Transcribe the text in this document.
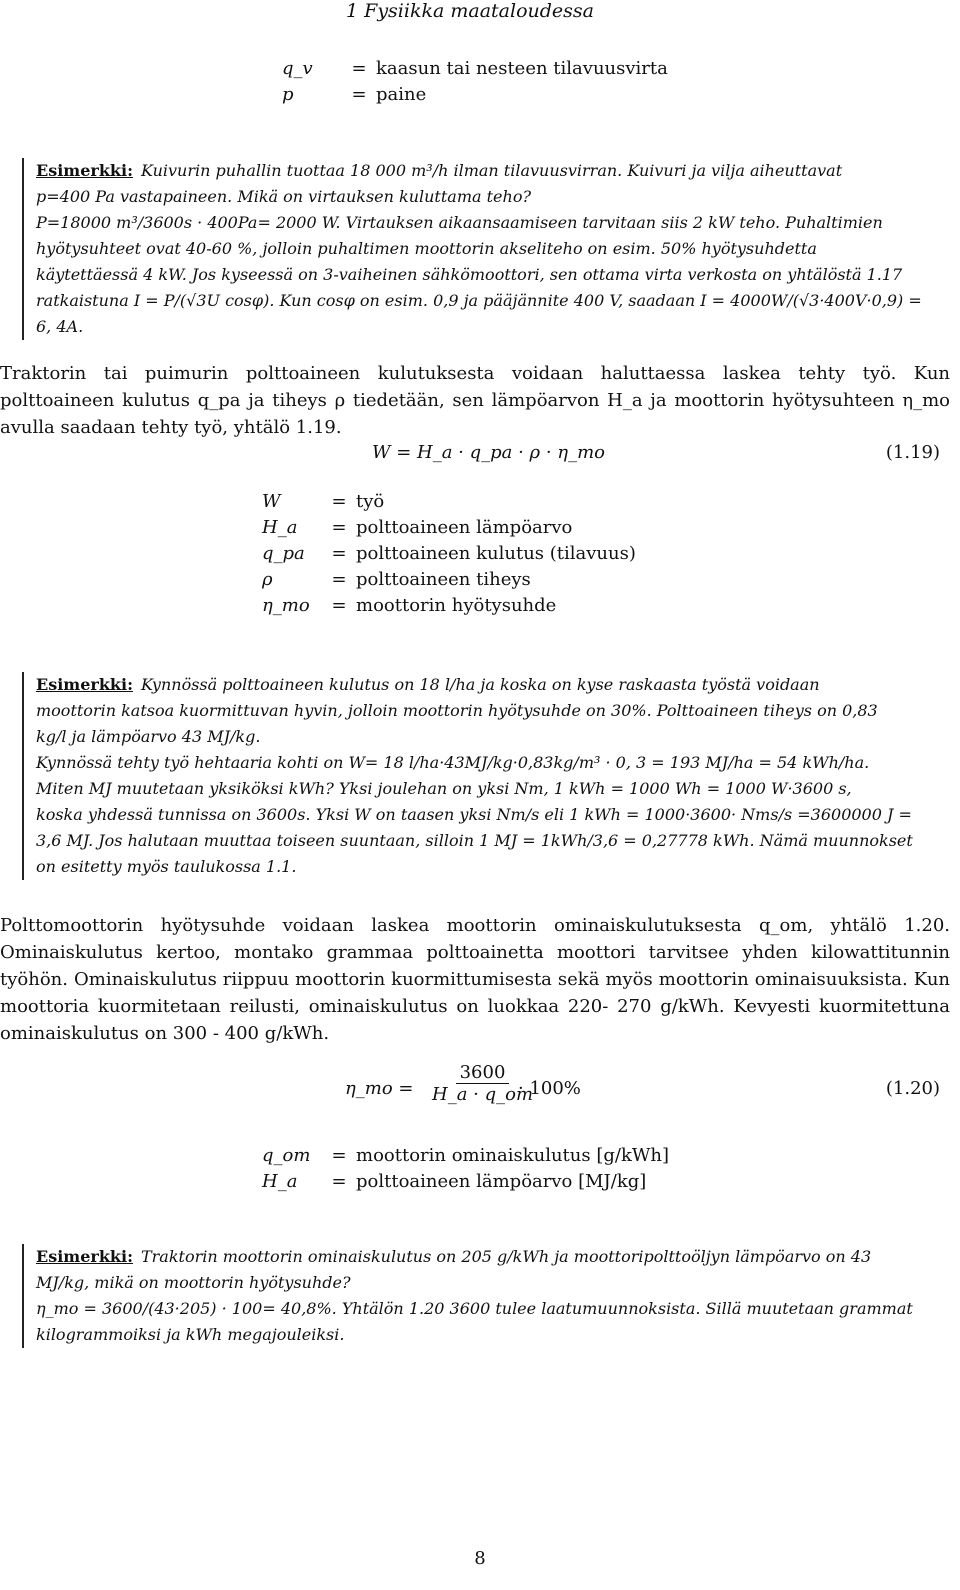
1 Fysiikka maataloudessa
q_v	= kaasun tai nesteen tilavuusvirta
p	= paine
Esimerkki: Kuivurin puhallin tuottaa 18 000 m³/h ilman tilavuusvirran. Kuivuri ja vilja aiheuttavat
p=400 Pa vastapaineen. Mikä on virtauksen kuluttama teho?
P=18000 m³/3600s · 400Pa= 2000 W. Virtauksen aikaansaamiseen tarvitaan siis 2 kW teho. Puhaltimien
hyötysuhteet ovat 40-60 %, jolloin puhaltimen moottorin akseliteho on esim. 50% hyötysuhdetta
käytettäessä 4 kW. Jos kyseessä on 3-vaiheinen sähkömoottori, sen ottama virta verkosta on yhtälöstä 1.17
ratkaistuna I = P/(√3U cosφ). Kun cosφ on esim. 0,9 ja pääjännite 400 V, saadaan I = 4000W/(√3·400V·0,9) = 6, 4A.
Traktorin tai puimurin polttoaineen kulutuksesta voidaan haluttaessa laskea tehty työ. Kun polttoaineen kulutus q_pa ja tiheys ρ tiedetään, sen lämpöarvon H_a ja moottorin hyötysuhteen η_mo avulla saadaan tehty työ, yhtälö 1.19.
W = H_a · q_pa · ρ · η_mo	(1.19)
W	= työ
H_a	= polttoaineen lämpöarvo
q_pa	= polttoaineen kulutus (tilavuus)
ρ	= polttoaineen tiheys
η_mo	= moottorin hyötysuhde
Esimerkki: Kynnössä polttoaineen kulutus on 18 l/ha ja koska on kyse raskaasta työstä voidaan
moottorin katsoa kuormittuvan hyvin, jolloin moottorin hyötysuhde on 30%. Polttoaineen tiheys on 0,83
kg/l ja lämpöarvo 43 MJ/kg.
Kynnössä tehty työ hehtaaria kohti on W= 18 l/ha·43MJ/kg·0,83kg/m³ · 0, 3 = 193 MJ/ha = 54 kWh/ha.
Miten MJ muutetaan yksiköksi kWh? Yksi joulehan on yksi Nm, 1 kWh = 1000 Wh = 1000 W·3600 s,
koska yhdessä tunnissa on 3600s. Yksi W on taasen yksi Nm/s eli 1 kWh = 1000·3600· Nms/s =3600000 J =
3,6 MJ. Jos halutaan muuttaa toiseen suuntaan, silloin 1 MJ = 1kWh/3,6 = 0,27778 kWh. Nämä muunnokset
on esitetty myös taulukossa 1.1.
Polttomoottorin hyötysuhde voidaan laskea moottorin ominaiskulutuksesta q_om, yhtälö 1.20. Ominaiskulutus kertoo, montako grammaa polttoainetta moottori tarvitsee yhden kilowattitunnin työhön. Ominaiskulutus riippuu moottorin kuormittumisesta sekä myös moottorin ominaisuuksista. Kun moottoria kuormitetaan reilusti, ominaiskulutus on luokkaa 220- 270 g/kWh. Kevyesti kuormitettuna ominaiskulutus on 300 - 400 g/kWh.
η_mo = $\frac{3600}{H\_a \cdot q\_om}$
· 100%	(1.20)
q_om	= moottorin ominaiskulutus [g/kWh]
H_a	= polttoaineen lämpöarvo [MJ/kg]
Esimerkki: Traktorin moottorin ominaiskulutus on 205 g/kWh ja moottoripolttoöljyn lämpöarvo on 43
MJ/kg, mikä on moottorin hyötysuhde?
η_mo = 3600/(43·205) · 100= 40,8%. Yhtälön 1.20 3600 tulee laatumuunnoksista. Sillä muutetaan grammat
kilogrammoiksi ja kWh megajouleiksi.
8
